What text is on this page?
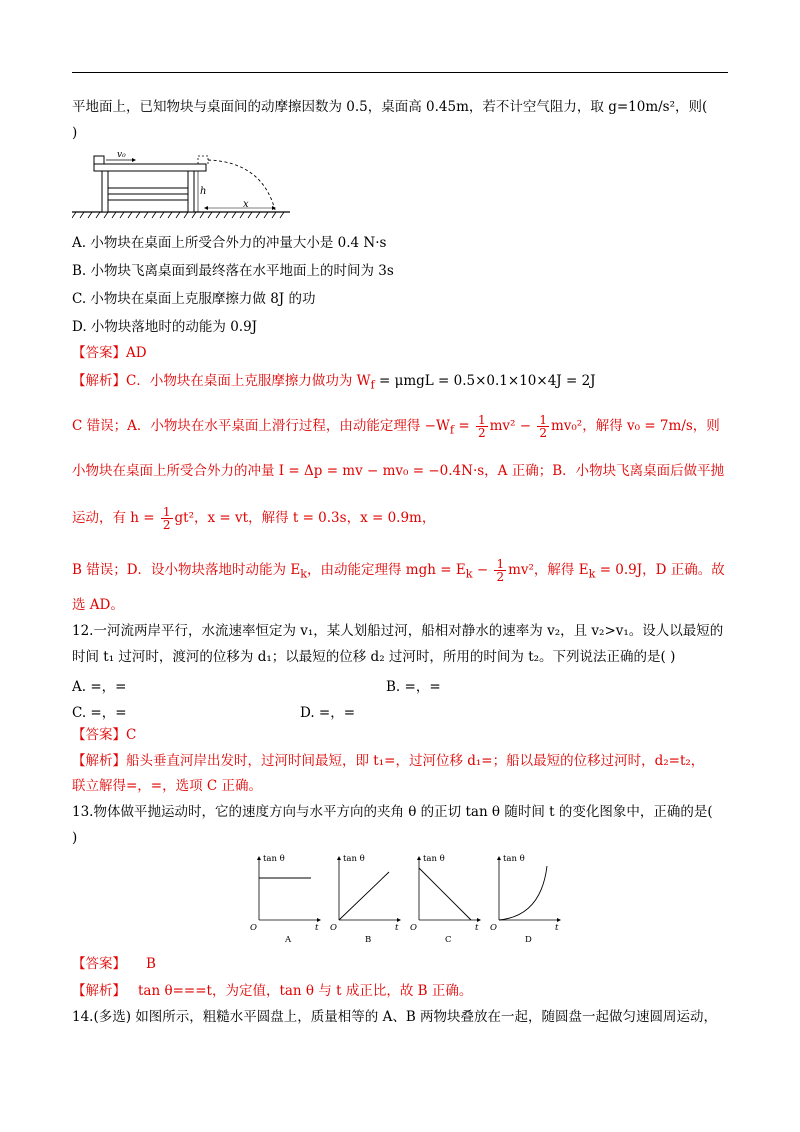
平地面上，已知物块与桌面间的动摩擦因数为 0.5，桌面高 0.45m，若不计空气阻力，取 g=10m/s²，则(
)
v₀
h
x
A. 小物块在桌面上所受合外力的冲量大小是 0.4 N·s
B. 小物块飞离桌面到最终落在水平地面上的时间为 3s
C. 小物块在桌面上克服摩擦力做 8J 的功
D. 小物块落地时的动能为 0.9J
【答案】AD
【解析】C．小物块在桌面上克服摩擦力做功为 $W_f = \mu mgL = 0.5\times 0.1\times 10\times 4J = 2J$
C 错误；A．小物块在水平桌面上滑行过程，由动能定理得 $-W_f = \frac{1}{2} mv^2 - \frac{1}{2} mv_0^2$，解得 v₀ = 7m/s，则
小物块在桌面上所受合外力的冲量 I = Δp = mv − mv₀ = −0.4N·s，A 正确；B．小物块飞离桌面后做平抛
运动，有 $h = \frac{1}{2} gt^2$，x = vt，解得 t = 0.3s，x = 0.9m，
B 错误；D．设小物块落地时动能为 $E_k$，由动能定理得 mgh = $E_k - \frac{1}{2} mv^2$，解得 $E_k = 0.9J$，D 正确。故
选 AD。
12.一河流两岸平行，水流速率恒定为 v₁，某人划船过河，船相对静水的速率为 v₂，且 v₂>v₁。设人以最短的
时间 t₁ 过河时，渡河的位移为 d₁；以最短的位移 d₂ 过河时，所用的时间为 t₂。下列说法正确的是( )
A. =，=	B. =，=
C. =，=	D. =，=
【答案】C
【解析】船头垂直河岸出发时，过河时间最短，即 t₁=，过河位移 d₁=；船以最短的位移过河时，d₂=t₂，
联立解得=，=，选项 C 正确。
13.物体做平抛运动时，它的速度方向与水平方向的夹角 θ 的正切 tan θ 随时间 t 的变化图象中，正确的是(
)
tan θ
O	t
A
tan θ
O	t
B
tan θ
O	t
C
tan θ
O	t
D
【答案】 B
【解析】 tan θ===t，为定值，tan θ 与 t 成正比，故 B 正确。
14.(多选) 如图所示，粗糙水平圆盘上，质量相等的 A、B 两物块叠放在一起，随圆盘一起做匀速圆周运动，
